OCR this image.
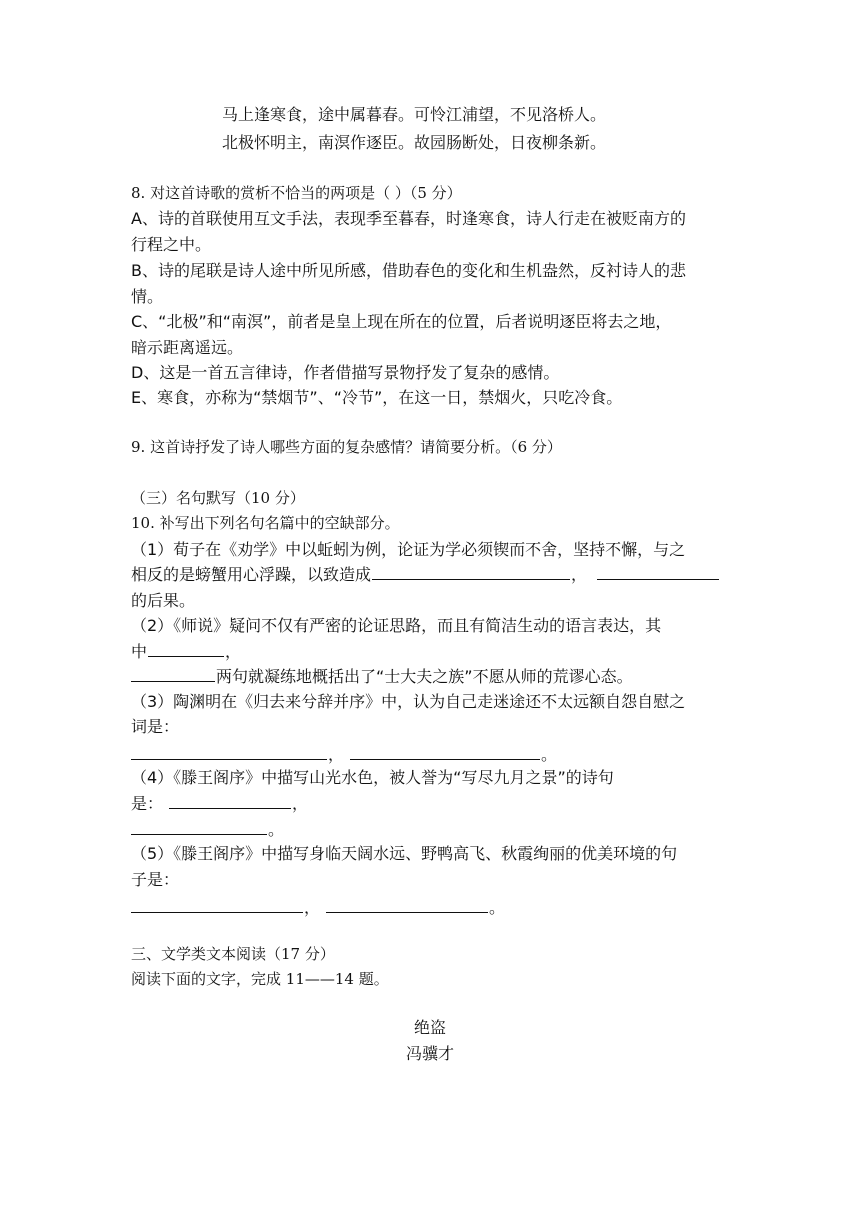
马上逢寒食，途中属暮春。可怜江浦望，不见洛桥人。
北极怀明主，南溟作逐臣。故园肠断处，日夜柳条新。
8. 对这首诗歌的赏析不恰当的两项是（ ）（5 分）
A、诗的首联使用互文手法，表现季至暮春，时逢寒食，诗人行走在被贬南方的
行程之中。
B、诗的尾联是诗人途中所见所感，借助春色的变化和生机盎然，反衬诗人的悲
情。
C、“北极”和“南溟”，前者是皇上现在所在的位置，后者说明逐臣将去之地，
暗示距离遥远。
D、这是一首五言律诗，作者借描写景物抒发了复杂的感情。
E、寒食，亦称为“禁烟节”、“冷节”，在这一日，禁烟火，只吃冷食。
9. 这首诗抒发了诗人哪些方面的复杂感情？请简要分析。（6 分）
（三）名句默写（10 分）
10. 补写出下列名句名篇中的空缺部分。
（1）荀子在《劝学》中以蚯蚓为例，论证为学必须锲而不舍，坚持不懈，与之
相反的是螃蟹用心浮躁，以致造成	，
的后果。
（2）《师说》疑问不仅有严密的论证思路，而且有简洁生动的语言表达，其
中	，
两句就凝练地概括出了“士大夫之族”不愿从师的荒谬心态。
（3）陶渊明在《归去来兮辞并序》中，认为自己走迷途还不太远额自怨自慰之
词是：
，	。
（4）《滕王阁序》中描写山光水色，被人誉为“写尽九月之景”的诗句
是：	，
。
（5）《滕王阁序》中描写身临天阔水远、野鸭高飞、秋霞绚丽的优美环境的句
子是：
，	。
三、文学类文本阅读（17 分）
阅读下面的文字，完成 11——14 题。
绝盗
冯骥才
